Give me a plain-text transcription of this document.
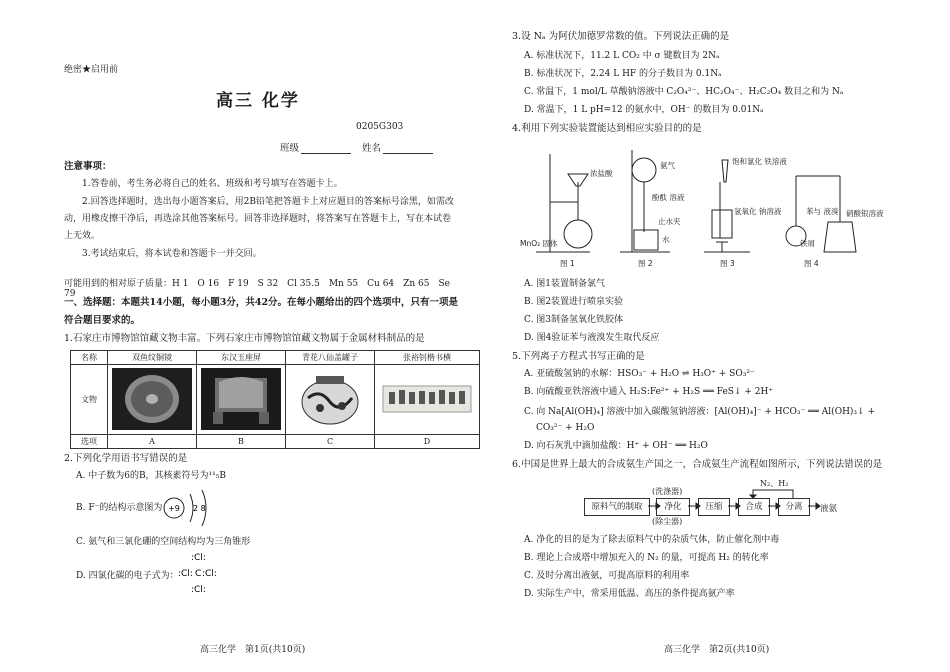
绝密★启用前
高三 化学
0205G303
班级	姓名
注意事项：
1.答卷前，考生务必将自己的姓名、班级和考号填写在答题卡上。
2.回答选择题时，选出每小题答案后，用2B铅笔把答题卡上对应题目的答案标号涂黑，如需改动，用橡皮擦干净后，再选涂其他答案标号。回答非选择题时，将答案写在答题卡上，写在本试卷上无效。
3.考试结束后，将本试卷和答题卡一并交回。
可能用到的相对原子质量：H 1　O 16　F 19　S 32　Cl 35.5　Mn 55　Cu 64　Zn 65　Se 79
一、选择题：本题共14小题，每小题3分，共42分。在每小题给出的四个选项中，只有一项是符合题目要求的。
1.石家庄市博物馆馆藏文物丰富。下列石家庄市博物馆馆藏文物属于金属材料制品的是
名称	双鱼纹铜镜	东汉玉座屏	青花八仙盖罐子	张裕钊楷书横
文物				
选项	A	B	C	D
2.下列化学用语书写错误的是
A. 中子数为6的B，其核素符号为¹¹₅B
B. F⁻的结构示意图为 +9 2 8
C. 氨气和三氯化硼的空间结构均为三角锥形
D. 四氯化碳的电子式为：
:Cl:
:Cl: C :Cl:
:Cl:
高三化学　第1页(共10页)
3.设 Nₐ 为阿伏加德罗常数的值。下列说法正确的是
A. 标准状况下，11.2 L CO₂ 中 σ 键数目为 2Nₐ
B. 标准状况下，2.24 L HF 的分子数目为 0.1Nₐ
C. 常温下，1 mol/L 草酸钠溶液中 C₂O₄²⁻、HC₂O₄⁻、H₂C₂O₄ 数目之和为 Nₐ
D. 常温下，1 L pH=12 的氨水中，OH⁻ 的数目为 0.01Nₐ
4.利用下列实验装置能达到相应实验目的的是
浓盐酸
MnO₂ 固体
氨气
酚酞 溶液
止水夹
水
饱和氯化 铁溶液
氢氧化 钠溶液	苯与 液溴
铁屑
硝酸银溶液
图 1	图 2	图 3	图 4
A. 图1装置制备氯气
B. 图2装置进行喷泉实验
C. 图3制备氢氧化铁胶体
D. 图4验证苯与液溴发生取代反应
5.下列离子方程式书写正确的是
A. 亚硫酸氢钠的水解：HSO₃⁻ + H₂O ⇌ H₃O⁺ + SO₃²⁻
B. 向硫酸亚铁溶液中通入 H₂S:Fe²⁺ + H₂S ══ FeS↓ + 2H⁺
C. 向 Na[Al(OH)₄] 溶液中加入碳酸氢钠溶液：[Al(OH)₄]⁻ + HCO₃⁻ ══ Al(OH)₃↓ +
CO₃²⁻ + H₂O
D. 向石灰乳中滴加盐酸：H⁺ + OH⁻ ══ H₂O
6.中国是世界上最大的合成氨生产国之一，合成氨生产流程如图所示，下列说法错误的是
原料气的制取
(洗涤器)
净化
(除尘器)
压缩	合成	分离
N₂、H₂
液氨
A. 净化的目的是为了除去原料气中的杂质气体，防止催化剂中毒
B. 理论上合成塔中增加充入的 N₂ 的量，可提高 H₂ 的转化率
C. 及时分离出液氨，可提高原料的利用率
D. 实际生产中，常采用低温、高压的条件提高氨产率
高三化学　第2页(共10页)
